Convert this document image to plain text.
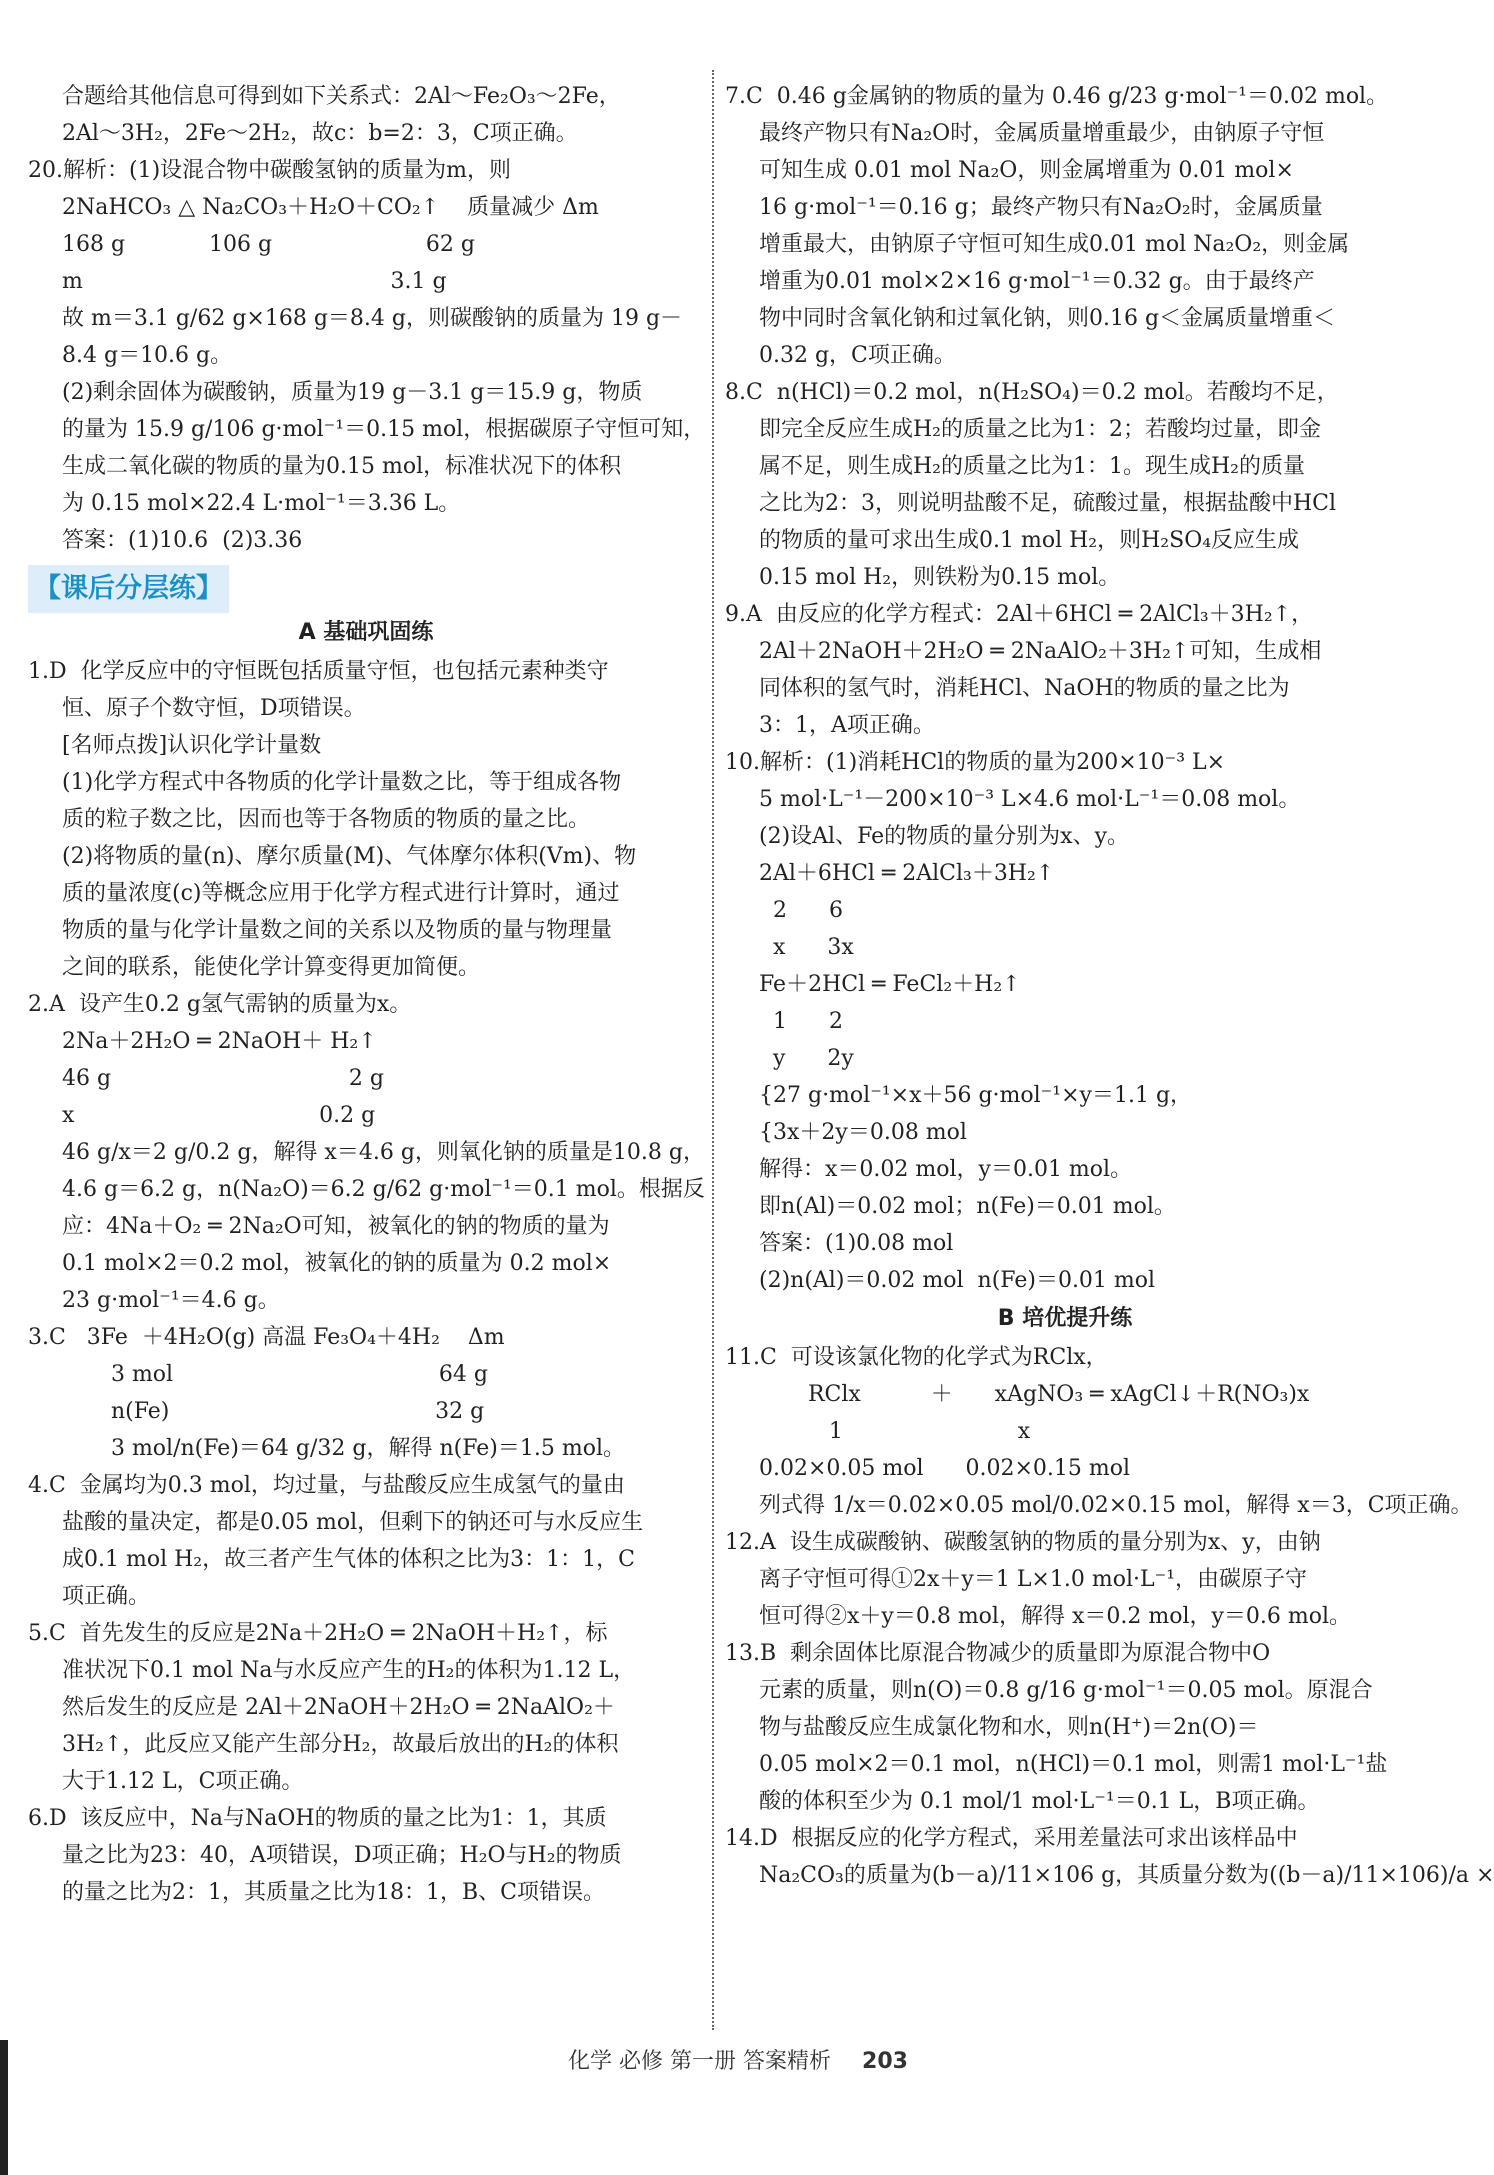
合题给其他信息可得到如下关系式：2Al～Fe₂O₃～2Fe，

2Al～3H₂，2Fe～2H₂，故c：b=2：3，C项正确。

20.解析：(1)设混合物中碳酸氢钠的质量为m，则

2NaHCO₃ △ Na₂CO₃＋H₂O＋CO₂↑    质量减少 Δm

168 g            106 g                      62 g

m                                            3.1 g

故 m＝3.1 g/62 g×168 g＝8.4 g，则碳酸钠的质量为 19 g－

8.4 g＝10.6 g。

(2)剩余固体为碳酸钠，质量为19 g－3.1 g＝15.9 g，物质

的量为 15.9 g/106 g·mol⁻¹＝0.15 mol，根据碳原子守恒可知，

生成二氧化碳的物质的量为0.15 mol，标准状况下的体积

为 0.15 mol×22.4 L·mol⁻¹＝3.36 L。

答案：(1)10.6  (2)3.36

【课后分层练】
A 基础巩固练

1.D  化学反应中的守恒既包括质量守恒，也包括元素种类守

恒、原子个数守恒，D项错误。

[名师点拨]认识化学计量数

(1)化学方程式中各物质的化学计量数之比，等于组成各物

质的粒子数之比，因而也等于各物质的物质的量之比。

(2)将物质的量(n)、摩尔质量(M)、气体摩尔体积(Vm)、物

质的量浓度(c)等概念应用于化学方程式进行计算时，通过

物质的量与化学计量数之间的关系以及物质的量与物理量

之间的联系，能使化学计算变得更加简便。

2.A  设产生0.2 g氢气需钠的质量为x。

2Na＋2H₂O ═ 2NaOH＋ H₂↑

46 g                                  2 g

x                                   0.2 g

46 g/x＝2 g/0.2 g，解得 x＝4.6 g，则氧化钠的质量是10.8 g，

4.6 g＝6.2 g，n(Na₂O)＝6.2 g/62 g·mol⁻¹＝0.1 mol。根据反

应：4Na＋O₂ ═ 2Na₂O可知，被氧化的钠的物质的量为

0.1 mol×2＝0.2 mol，被氧化的钠的质量为 0.2 mol×

23 g·mol⁻¹＝4.6 g。

3.C   3Fe  ＋4H₂O(g) 高温 Fe₃O₄＋4H₂    Δm

3 mol                                      64 g

n(Fe)                                      32 g

3 mol/n(Fe)＝64 g/32 g，解得 n(Fe)＝1.5 mol。

4.C  金属均为0.3 mol，均过量，与盐酸反应生成氢气的量由

盐酸的量决定，都是0.05 mol，但剩下的钠还可与水反应生

成0.1 mol H₂，故三者产生气体的体积之比为3：1：1，C

项正确。

5.C  首先发生的反应是2Na＋2H₂O ═ 2NaOH＋H₂↑，标

准状况下0.1 mol Na与水反应产生的H₂的体积为1.12 L，

然后发生的反应是 2Al＋2NaOH＋2H₂O ═ 2NaAlO₂＋

3H₂↑，此反应又能产生部分H₂，故最后放出的H₂的体积

大于1.12 L，C项正确。

6.D  该反应中，Na与NaOH的物质的量之比为1：1，其质

量之比为23：40，A项错误，D项正确；H₂O与H₂的物质

的量之比为2：1，其质量之比为18：1，B、C项错误。

7.C  0.46 g金属钠的物质的量为 0.46 g/23 g·mol⁻¹＝0.02 mol。

最终产物只有Na₂O时，金属质量增重最少，由钠原子守恒

可知生成 0.01 mol Na₂O，则金属增重为 0.01 mol×

16 g·mol⁻¹＝0.16 g；最终产物只有Na₂O₂时，金属质量

增重最大，由钠原子守恒可知生成0.01 mol Na₂O₂，则金属

增重为0.01 mol×2×16 g·mol⁻¹＝0.32 g。由于最终产

物中同时含氧化钠和过氧化钠，则0.16 g＜金属质量增重＜

0.32 g，C项正确。

8.C  n(HCl)＝0.2 mol，n(H₂SO₄)＝0.2 mol。若酸均不足，

即完全反应生成H₂的质量之比为1：2；若酸均过量，即金

属不足，则生成H₂的质量之比为1：1。现生成H₂的质量

之比为2：3，则说明盐酸不足，硫酸过量，根据盐酸中HCl

的物质的量可求出生成0.1 mol H₂，则H₂SO₄反应生成

0.15 mol H₂，则铁粉为0.15 mol。

9.A  由反应的化学方程式：2Al＋6HCl ═ 2AlCl₃＋3H₂↑，

2Al＋2NaOH＋2H₂O ═ 2NaAlO₂＋3H₂↑可知，生成相

同体积的氢气时，消耗HCl、NaOH的物质的量之比为

3：1，A项正确。

10.解析：(1)消耗HCl的物质的量为200×10⁻³ L×

5 mol·L⁻¹－200×10⁻³ L×4.6 mol·L⁻¹＝0.08 mol。

(2)设Al、Fe的物质的量分别为x、y。

2Al＋6HCl ═ 2AlCl₃＋3H₂↑

2      6

x      3x

Fe＋2HCl ═ FeCl₂＋H₂↑

1      2

y      2y

{27 g·mol⁻¹×x＋56 g·mol⁻¹×y＝1.1 g，

{3x＋2y＝0.08 mol

解得：x＝0.02 mol，y＝0.01 mol。

即n(Al)＝0.02 mol；n(Fe)＝0.01 mol。

答案：(1)0.08 mol

(2)n(Al)＝0.02 mol  n(Fe)＝0.01 mol

B 培优提升练

11.C  可设该氯化物的化学式为RClx，

RClx          ＋      xAgNO₃ ═ xAgCl↓＋R(NO₃)x

1                         x

0.02×0.05 mol      0.02×0.15 mol

列式得 1/x＝0.02×0.05 mol/0.02×0.15 mol，解得 x＝3，C项正确。

12.A  设生成碳酸钠、碳酸氢钠的物质的量分别为x、y，由钠

离子守恒可得①2x＋y＝1 L×1.0 mol·L⁻¹，由碳原子守

恒可得②x＋y＝0.8 mol，解得 x＝0.2 mol，y＝0.6 mol。

13.B  剩余固体比原混合物减少的质量即为原混合物中O

元素的质量，则n(O)＝0.8 g/16 g·mol⁻¹＝0.05 mol。原混合

物与盐酸反应生成氯化物和水，则n(H⁺)＝2n(O)＝

0.05 mol×2＝0.1 mol，n(HCl)＝0.1 mol，则需1 mol·L⁻¹盐

酸的体积至少为 0.1 mol/1 mol·L⁻¹＝0.1 L，B项正确。

14.D  根据反应的化学方程式，采用差量法可求出该样品中

Na₂CO₃的质量为(b－a)/11×106 g，其质量分数为((b－a)/11×106)/a ×

化学 必修 第一册 答案精析 203
